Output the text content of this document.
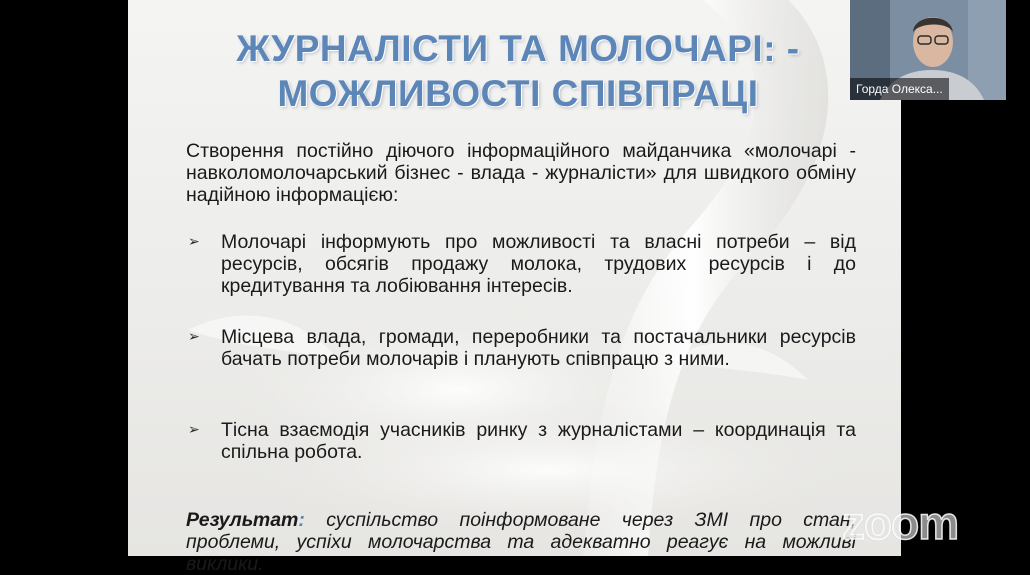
ЖУРНАЛІСТИ ТА МОЛОЧАРІ: -
МОЖЛИВОСТІ СПІВПРАЦІ

Створення постійно діючого інформаційного майданчика «молочарі - навколомолочарський бізнес - влада - журналісти» для швидкого обміну надійною інформацією:

➢ Молочарі інформують про можливості та власні потреби – від ресурсів, обсягів продажу молока, трудових ресурсів і до кредитування та лобіювання інтересів.
➢ Місцева влада, громади, переробники та постачальники ресурсів бачать потреби молочарів і планують співпрацю з ними.
➢ Тісна взаємодія учасників ринку з журналістами – координація та спільна робота.

Результат: суспільство поінформоване через ЗМІ про стан, проблеми, успіхи молочарства та адекватно реагує на можливі виклики.

Горда Олекса...
zoom
